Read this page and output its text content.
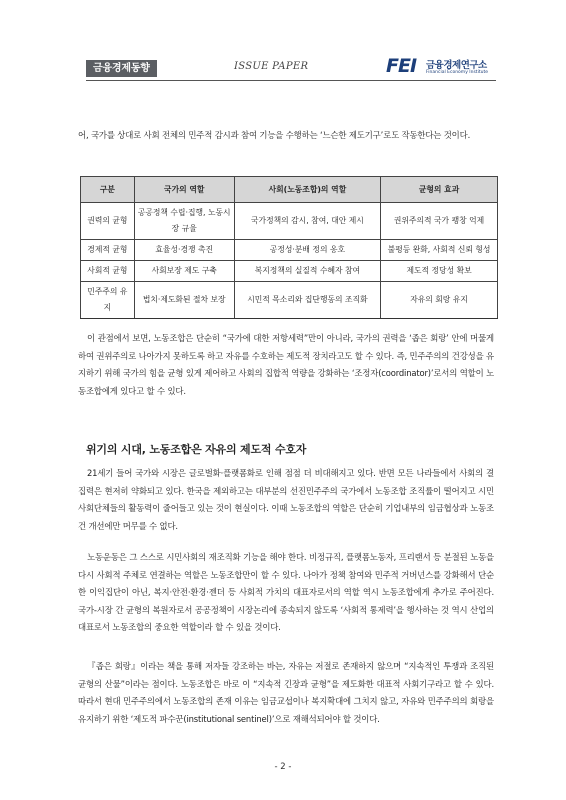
금융경제동향	ISSUE PAPER	FEI 금융경제연구소
Financial Economy Institute

어, 국가를 상대로 사회 전체의 민주적 감시과 참여 기능을 수행하는 ‘느슨한 제도기구’로도 작동한다는 것이다.

구분	국가의 역할	사회(노동조합)의 역할	균형의 효과
권력의 균형	공공정책 수립·집행, 노동시장 규율	국가정책의 감시, 참여, 대안 제시	권위주의적 국가 팽창 억제
경제적 균형	효율성·경쟁 촉진	공정성·분배 정의 옹호	불평등 완화, 사회적 신뢰 형성
사회적 균형	사회보장 제도 구축	복지정책의 실질적 수혜자 참여	제도적 정당성 확보
민주주의 유지	법치·제도화된 절차 보장	시민적 목소리와 집단행동의 조직화	자유의 회랑 유지

이 관점에서 보면, 노동조합은 단순히 “국가에 대한 저항세력”만이 아니라, 국가의 권력을 ‘좁은 회랑’ 안에 머물게 하여 권위주의로 나아가지 못하도록 하고 자유를 수호하는 제도적 장치라고도 할 수 있다. 즉, 민주주의의 건강성을 유지하기 위해 국가의 힘을 균형 있게 제어하고 사회의 집합적 역량을 강화하는 ‘조정자(coordinator)’로서의 역할이 노동조합에게 있다고 할 수 있다.

위기의 시대, 노동조합은 자유의 제도적 수호자

21세기 들어 국가와 시장은 글로벌화·플랫폼화로 인해 점점 더 비대해지고 있다. 반면 모든 나라들에서 사회의 결집력은 현저히 약화되고 있다. 한국을 제외하고는 대부분의 선진민주주의 국가에서 노동조합 조직률이 떨어지고 시민사회단체들의 활동력이 줄어들고 있는 것이 현실이다. 이때 노동조합의 역할은 단순히 기업내부의 임금협상과 노동조건 개선에만 머무를 수 없다.

노동운동은 그 스스로 시민사회의 재조직화 기능을 해야 한다. 비정규직, 플랫폼노동자, 프리랜서 등 분절된 노동을 다시 사회적 주체로 연결하는 역할은 노동조합만이 할 수 있다. 나아가 정책 참여와 민주적 거버넌스를 강화해서 단순한 이익집단이 아닌, 복지·안전·환경·젠더 등 사회적 가치의 대표자로서의 역할 역시 노동조합에게 추가로 주어진다. 국가-시장 간 균형의 복원자로서 공공정책이 시장논리에 종속되지 않도록 ‘사회적 통제력’을 행사하는 것 역시 산업의 대표로서 노동조합의 중요한 역할이라 할 수 있을 것이다.

『좁은 회랑』이라는 책을 통해 저자들 강조하는 바는, 자유는 저절로 존재하지 않으며 “지속적인 투쟁과 조직된 균형의 산물”이라는 점이다. 노동조합은 바로 이 “지속적 긴장과 균형”을 제도화한 대표적 사회기구라고 할 수 있다. 따라서 현대 민주주의에서 노동조합의 존재 이유는 임금교섭이나 복지확대에 그치지 않고, 자유와 민주주의의 회랑을 유지하기 위한 ‘제도적 파수꾼(institutional sentinel)’으로 재해석되어야 할 것이다.

- 2 -
